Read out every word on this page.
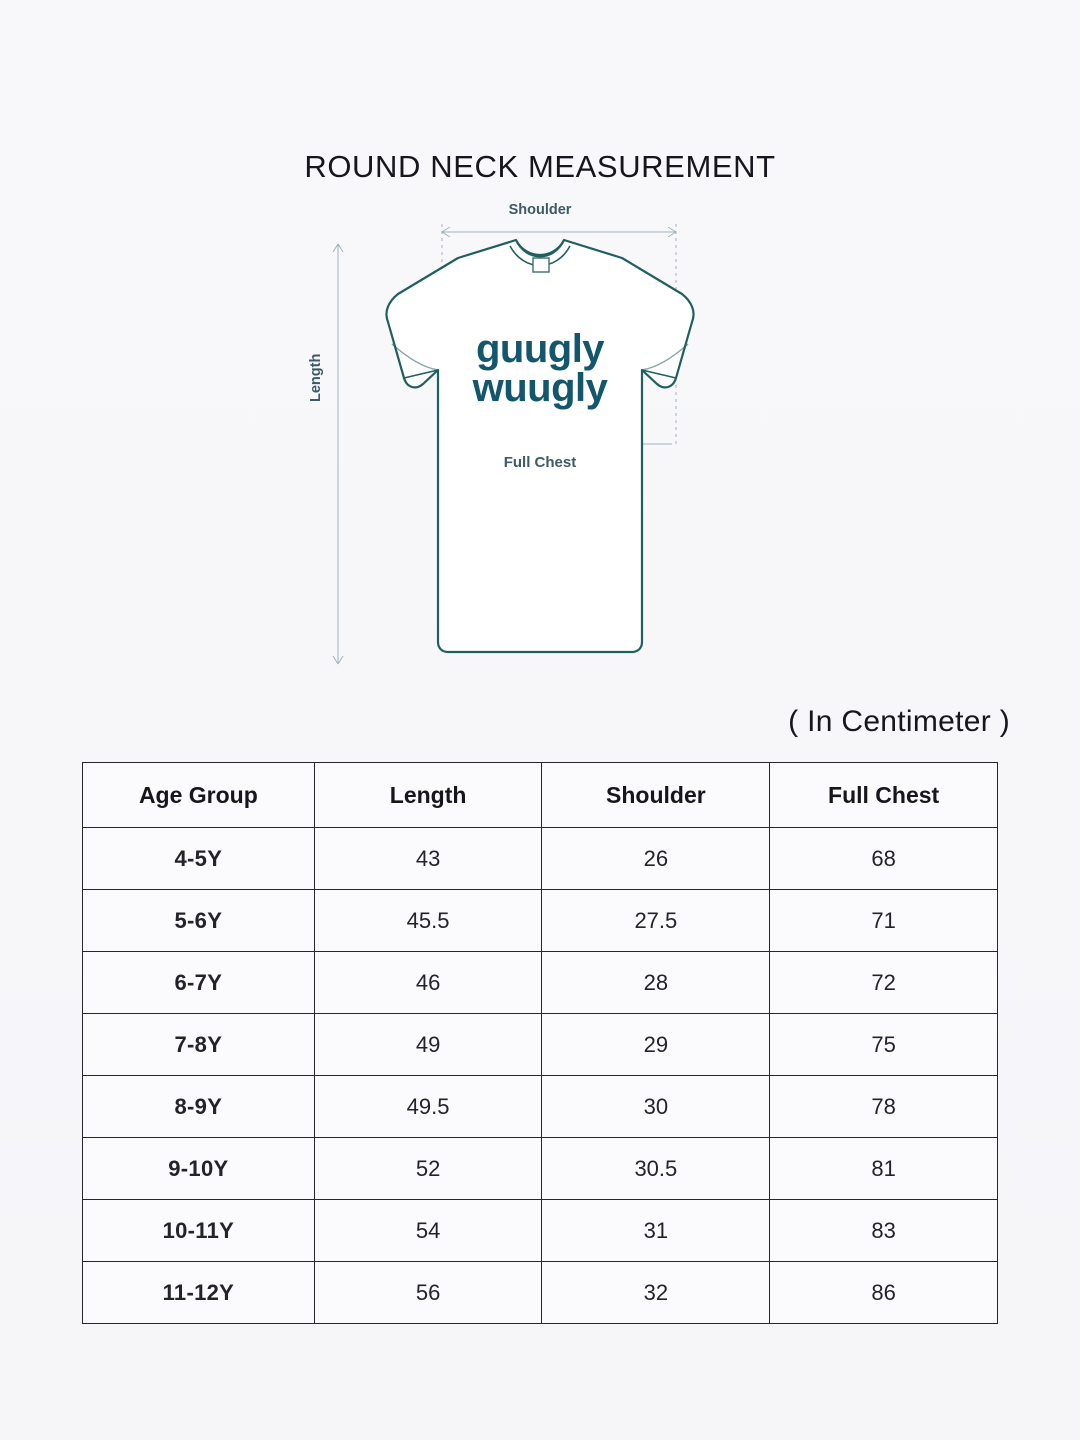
ROUND NECK MEASUREMENT
Shoulder
Length
guugly
wuugly
Full Chest
( In Centimeter )
Age Group	Length	Shoulder	Full Chest
4-5Y	43	26	68
5-6Y	45.5	27.5	71
6-7Y	46	28	72
7-8Y	49	29	75
8-9Y	49.5	30	78
9-10Y	52	30.5	81
10-11Y	54	31	83
11-12Y	56	32	86
